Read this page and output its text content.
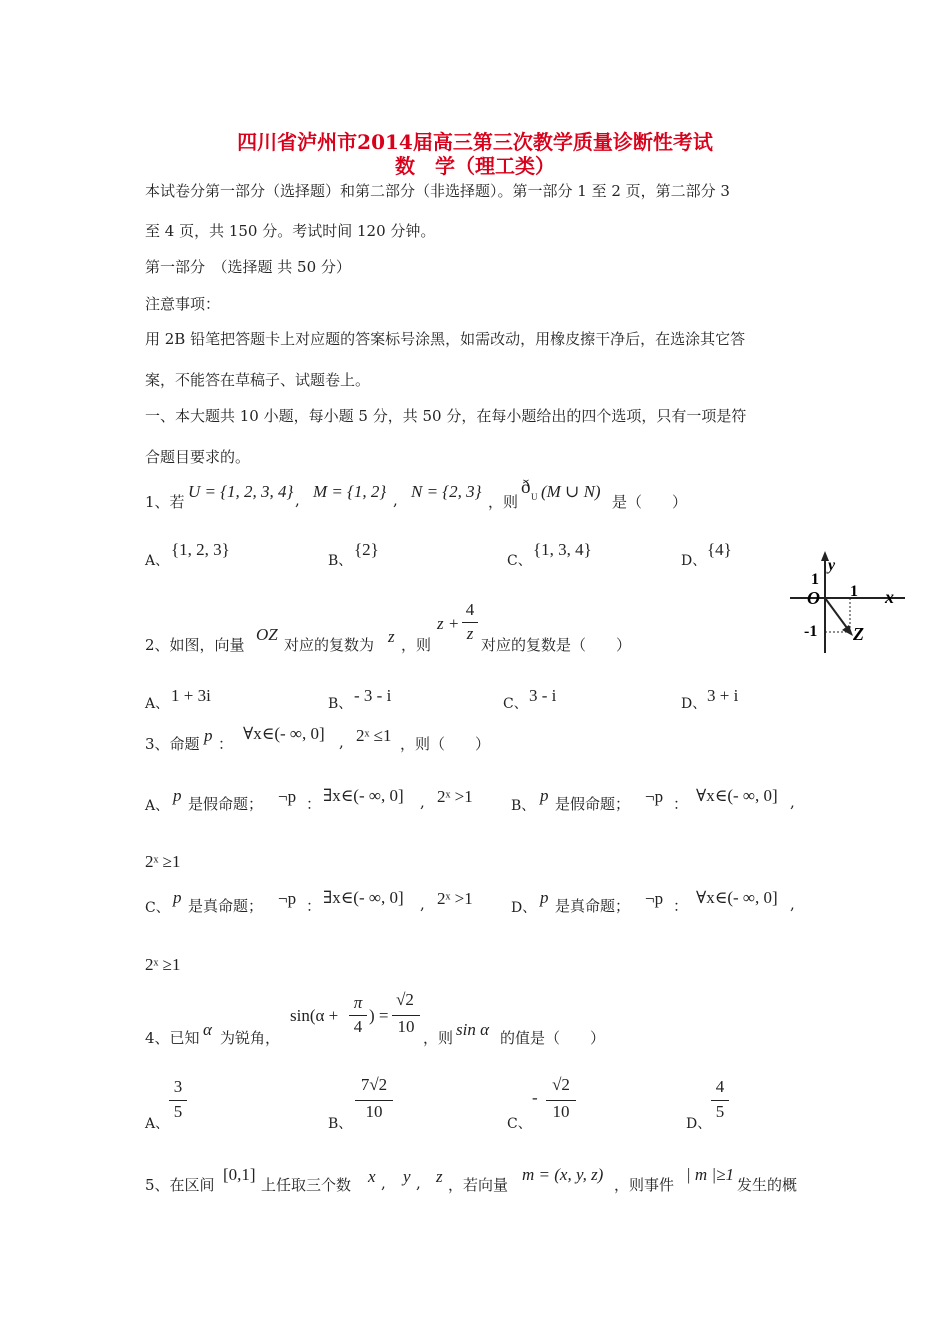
四川省泸州市2014届高三第三次教学质量诊断性考试
数　学（理工类）
本试卷分第一部分（选择题）和第二部分（非选择题）。第一部分 1 至 2 页，第二部分 3
至 4 页，共 150 分。考试时间 120 分钟。
第一部分　（选择题 共 50 分）
注意事项：
用 2B 铅笔把答题卡上对应题的答案标号涂黑，如需改动，用橡皮擦干净后，在选涂其它答
案，不能答在草稿子、试题卷上。
一、本大题共 10 小题，每小题 5 分，共 50 分，在每小题给出的四个选项，只有一项是符
合题目要求的。
1、若
U = {1, 2, 3, 4} , M = {1, 2} , N = {2, 3}
，则
ð U (M ∪ N)
是（　　）
A、
{1, 2, 3}
B、
{2}
C、
{1, 3, 4}
D、
{4}
y
x
O
1
1
-1 Z
2、如图，向量
OZ
对应的复数为 z ，则
z +
4
z
对应的复数是（　　）
A、 1 + 3i	B、 - 3 - i	C、 3 - i	D、 3 + i
3、命题 p ：
∀x∈(- ∞, 0] , 2ˣ ≤1 ，则（　　）
A、
p 是假命题； ¬p ： ∃x∈(- ∞, 0] , 2ˣ >1	B、
p 是假命题； ¬p ： ∀x∈(- ∞, 0] ,
2ˣ ≥1
C、
p 是真命题； ¬p ： ∃x∈(- ∞, 0] , 2ˣ >1	D、
p 是真命题； ¬p ： ∀x∈(- ∞, 0] ,
2ˣ ≥1
4、已知 α 为锐角，
sin(α +
π
4
) =
√2
10
，则 sin α 的值是（　　）
A、
3
5
B、
7√2
10
C、
-
√2
10
D、
4
5
5、在区间
[0,1]
上任取三个数 x , y , z ，若向量
m = (x, y, z)
，则事件
| m |≥1
发生的概
